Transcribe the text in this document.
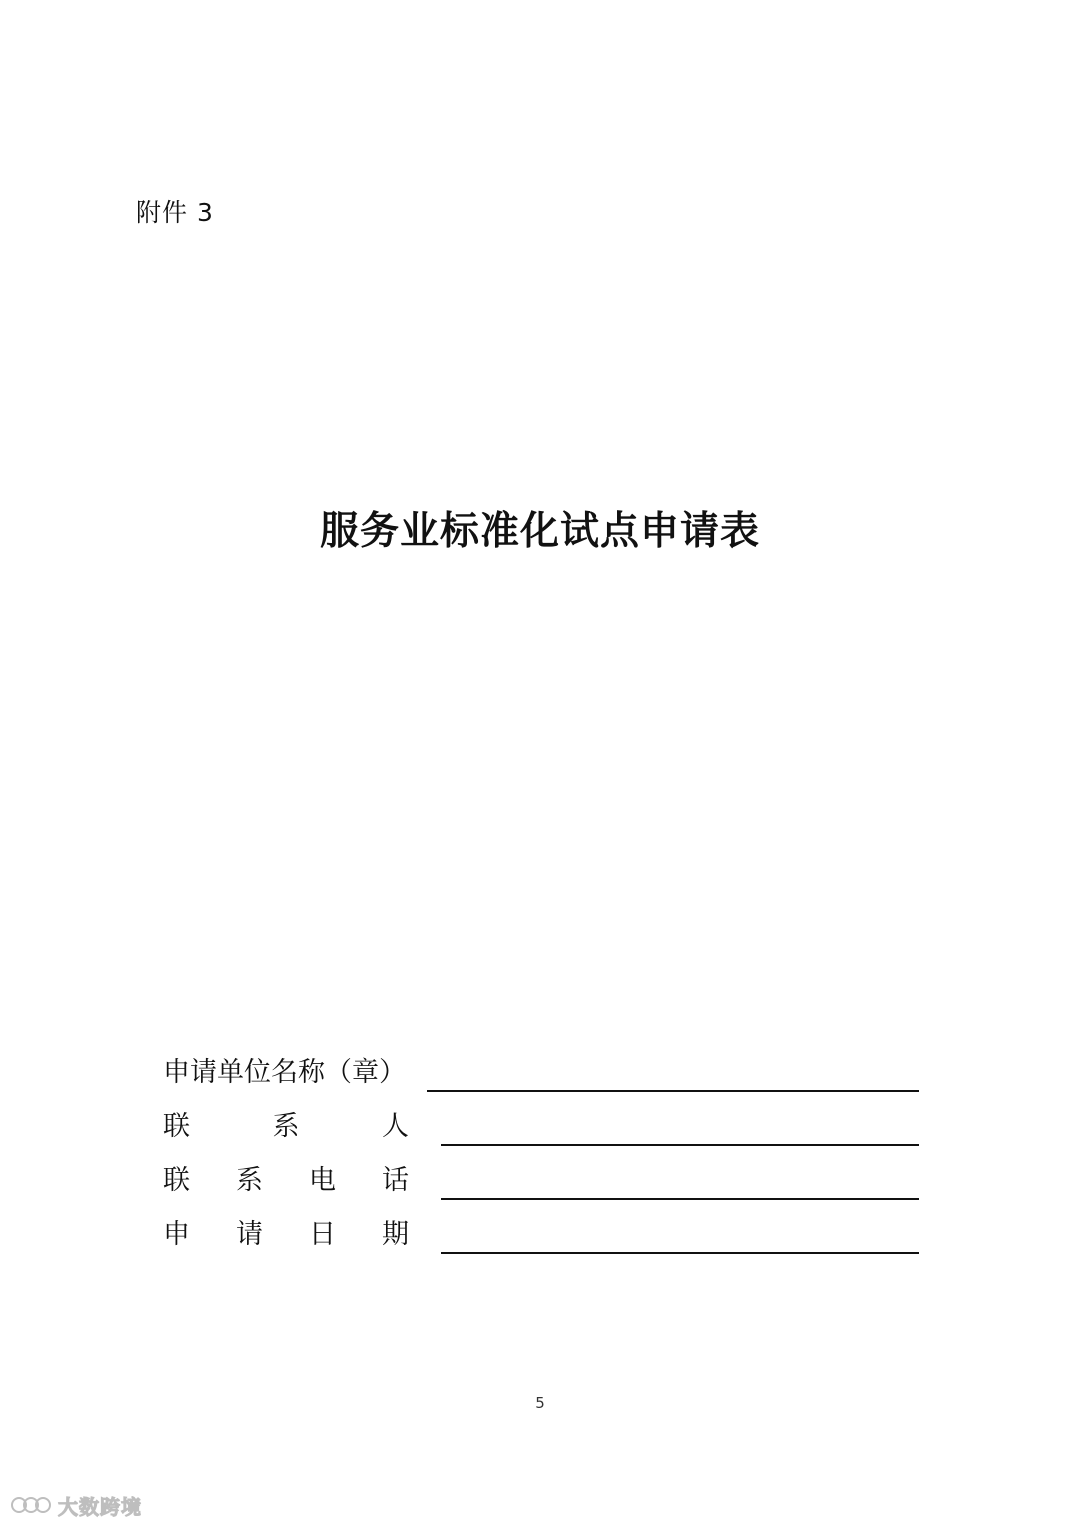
附件 3
服务业标准化试点申请表
申请单位名称（章）
联	系	人
联 系 电 话
申 请 日 期
5
大数跨境
